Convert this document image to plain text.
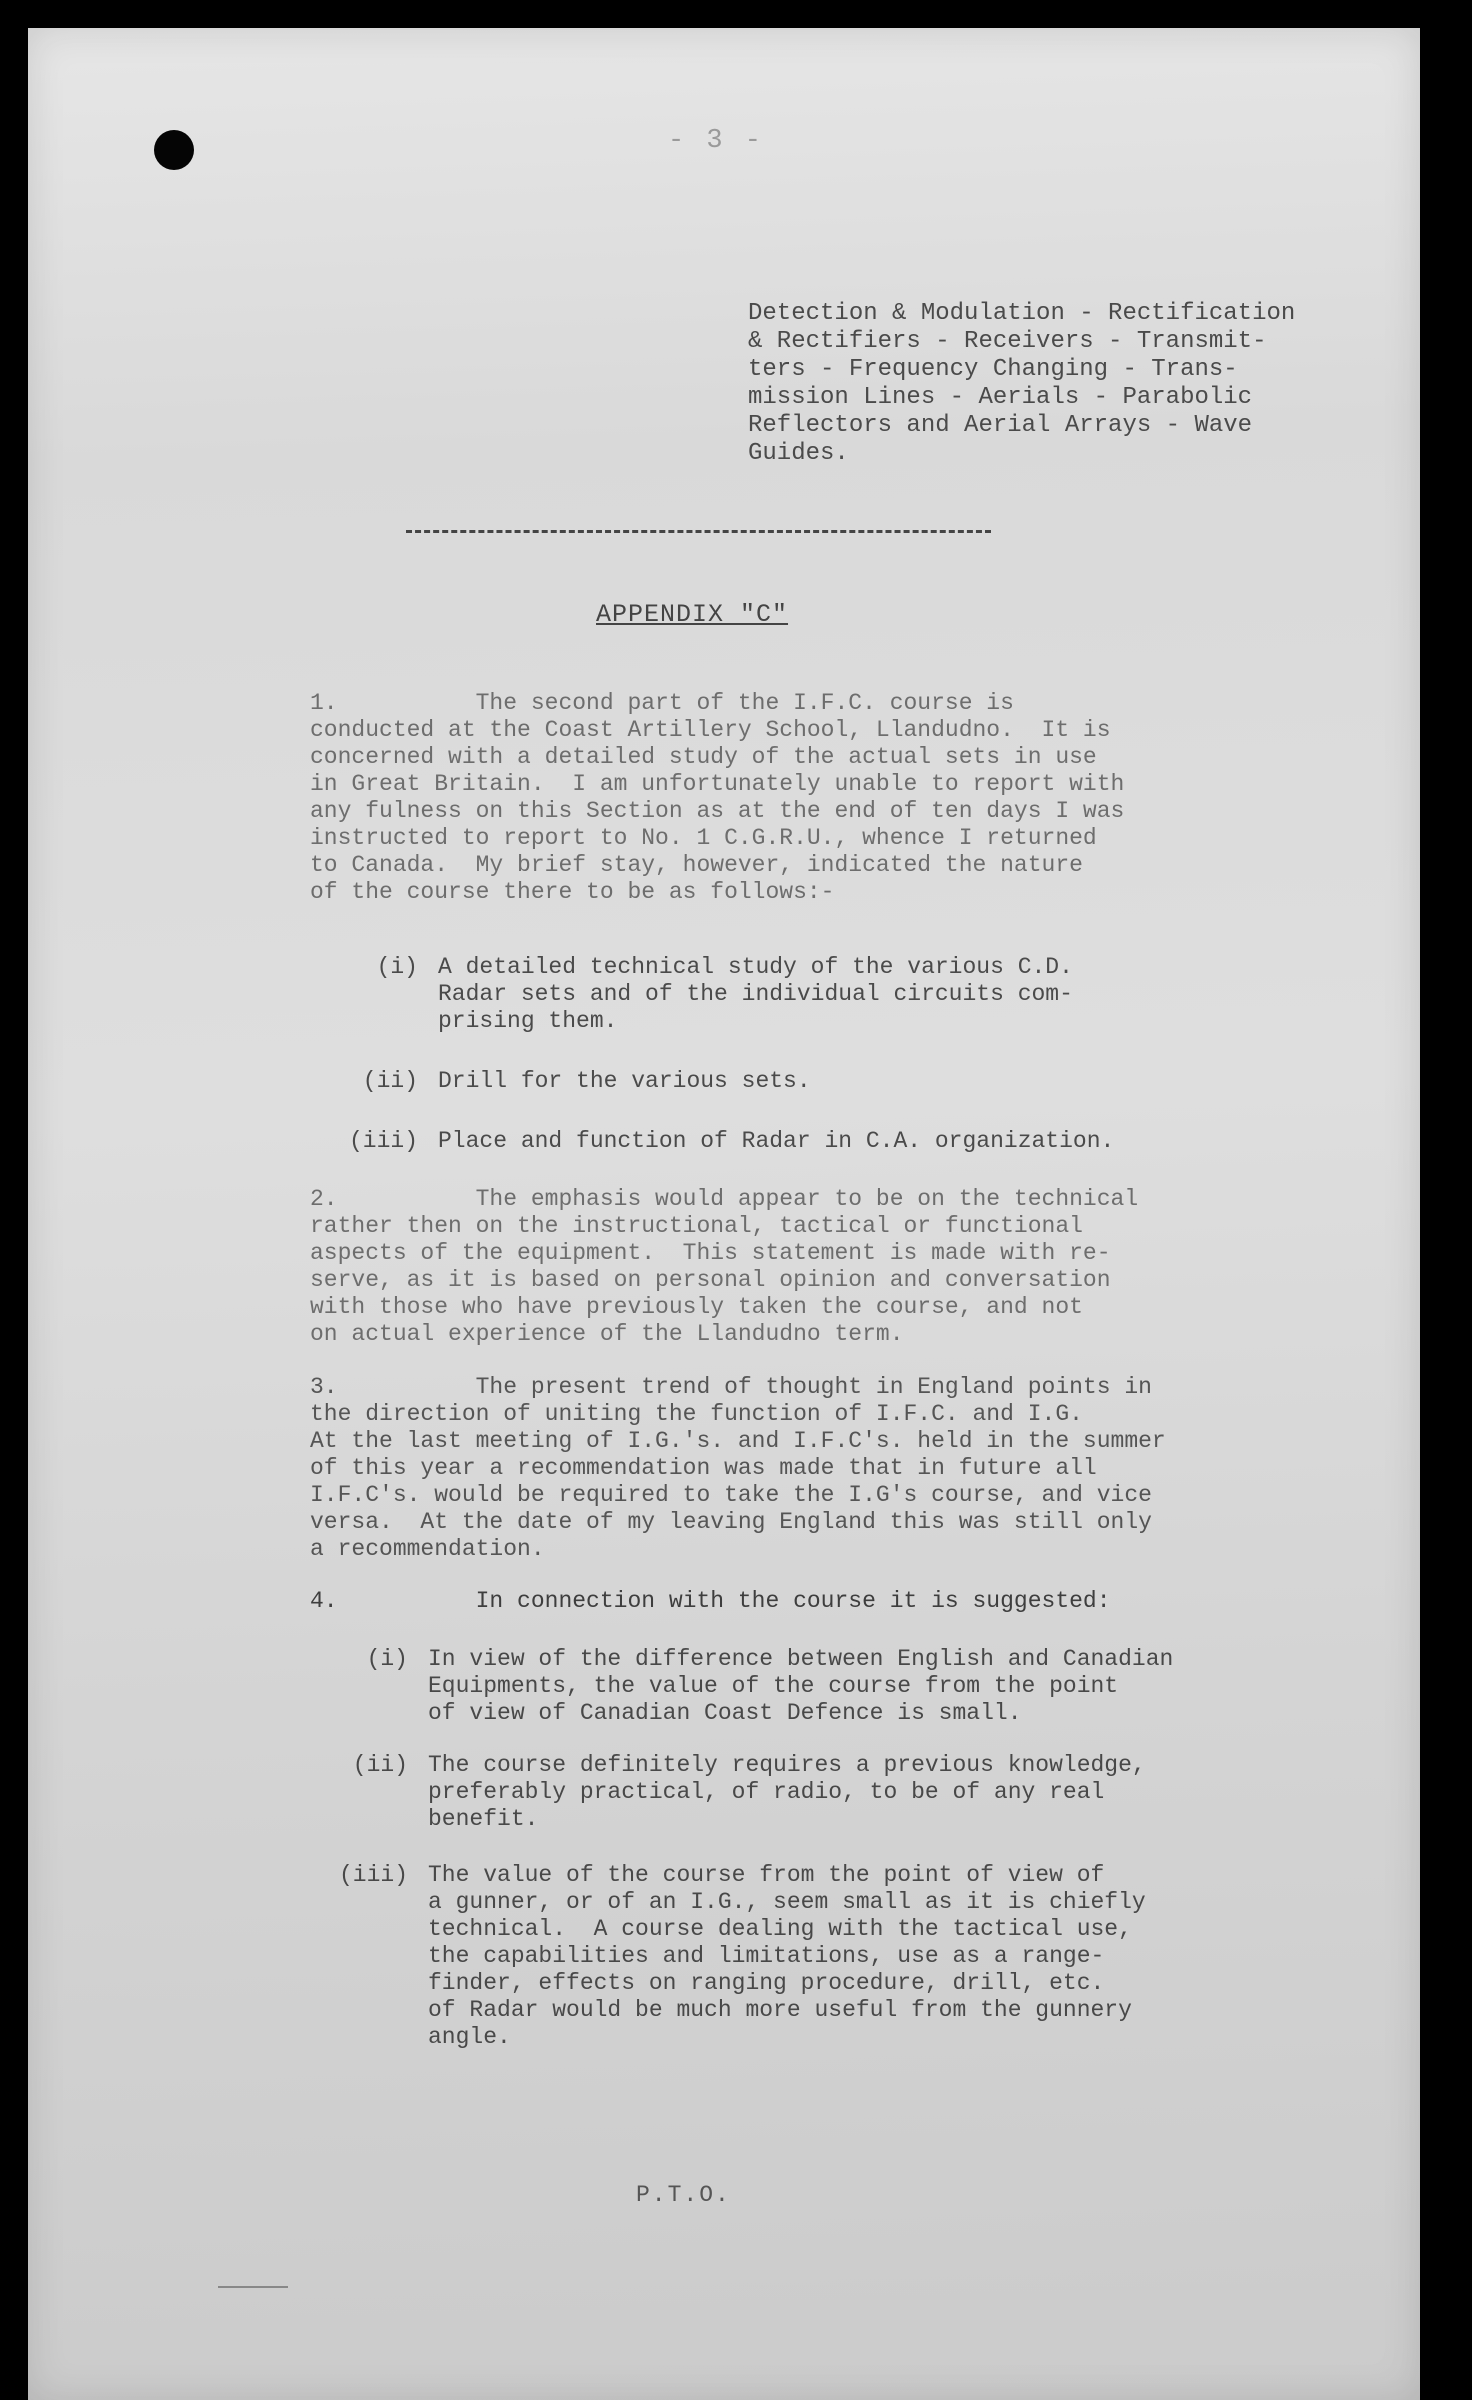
- 3 -
Detection & Modulation - Rectification
& Rectifiers - Receivers - Transmit-
ters - Frequency Changing - Trans-
mission Lines - Aerials - Parabolic
Reflectors and Aerial Arrays - Wave
Guides.
APPENDIX "C"
1.          The second part of the I.F.C. course is
conducted at the Coast Artillery School, Llandudno.  It is
concerned with a detailed study of the actual sets in use
in Great Britain.  I am unfortunately unable to report with
any fulness on this Section as at the end of ten days I was
instructed to report to No. 1 C.G.R.U., whence I returned
to Canada.  My brief stay, however, indicated the nature
of the course there to be as follows:-

(i)

A detailed technical study of the various C.D.
Radar sets and of the individual circuits com-
prising them.

(ii)

Drill for the various sets.

(iii)

Place and function of Radar in C.A. organization.

2.          The emphasis would appear to be on the technical
rather then on the instructional, tactical or functional
aspects of the equipment.  This statement is made with re-
serve, as it is based on personal opinion and conversation
with those who have previously taken the course, and not
on actual experience of the Llandudno term.
3.          The present trend of thought in England points in
the direction of uniting the function of I.F.C. and I.G.
At the last meeting of I.G.'s. and I.F.C's. held in the summer
of this year a recommendation was made that in future all
I.F.C's. would be required to take the I.G's course, and vice
versa.  At the date of my leaving England this was still only
a recommendation.
4.          In connection with the course it is suggested:

(i)

In view of the difference between English and Canadian
Equipments, the value of the course from the point
of view of Canadian Coast Defence is small.

(ii)

The course definitely requires a previous knowledge,
preferably practical, of radio, to be of any real
benefit.

(iii)

The value of the course from the point of view of
a gunner, or of an I.G., seem small as it is chiefly
technical.  A course dealing with the tactical use,
the capabilities and limitations, use as a range-
finder, effects on ranging procedure, drill, etc.
of Radar would be much more useful from the gunnery
angle.

P.T.O.
